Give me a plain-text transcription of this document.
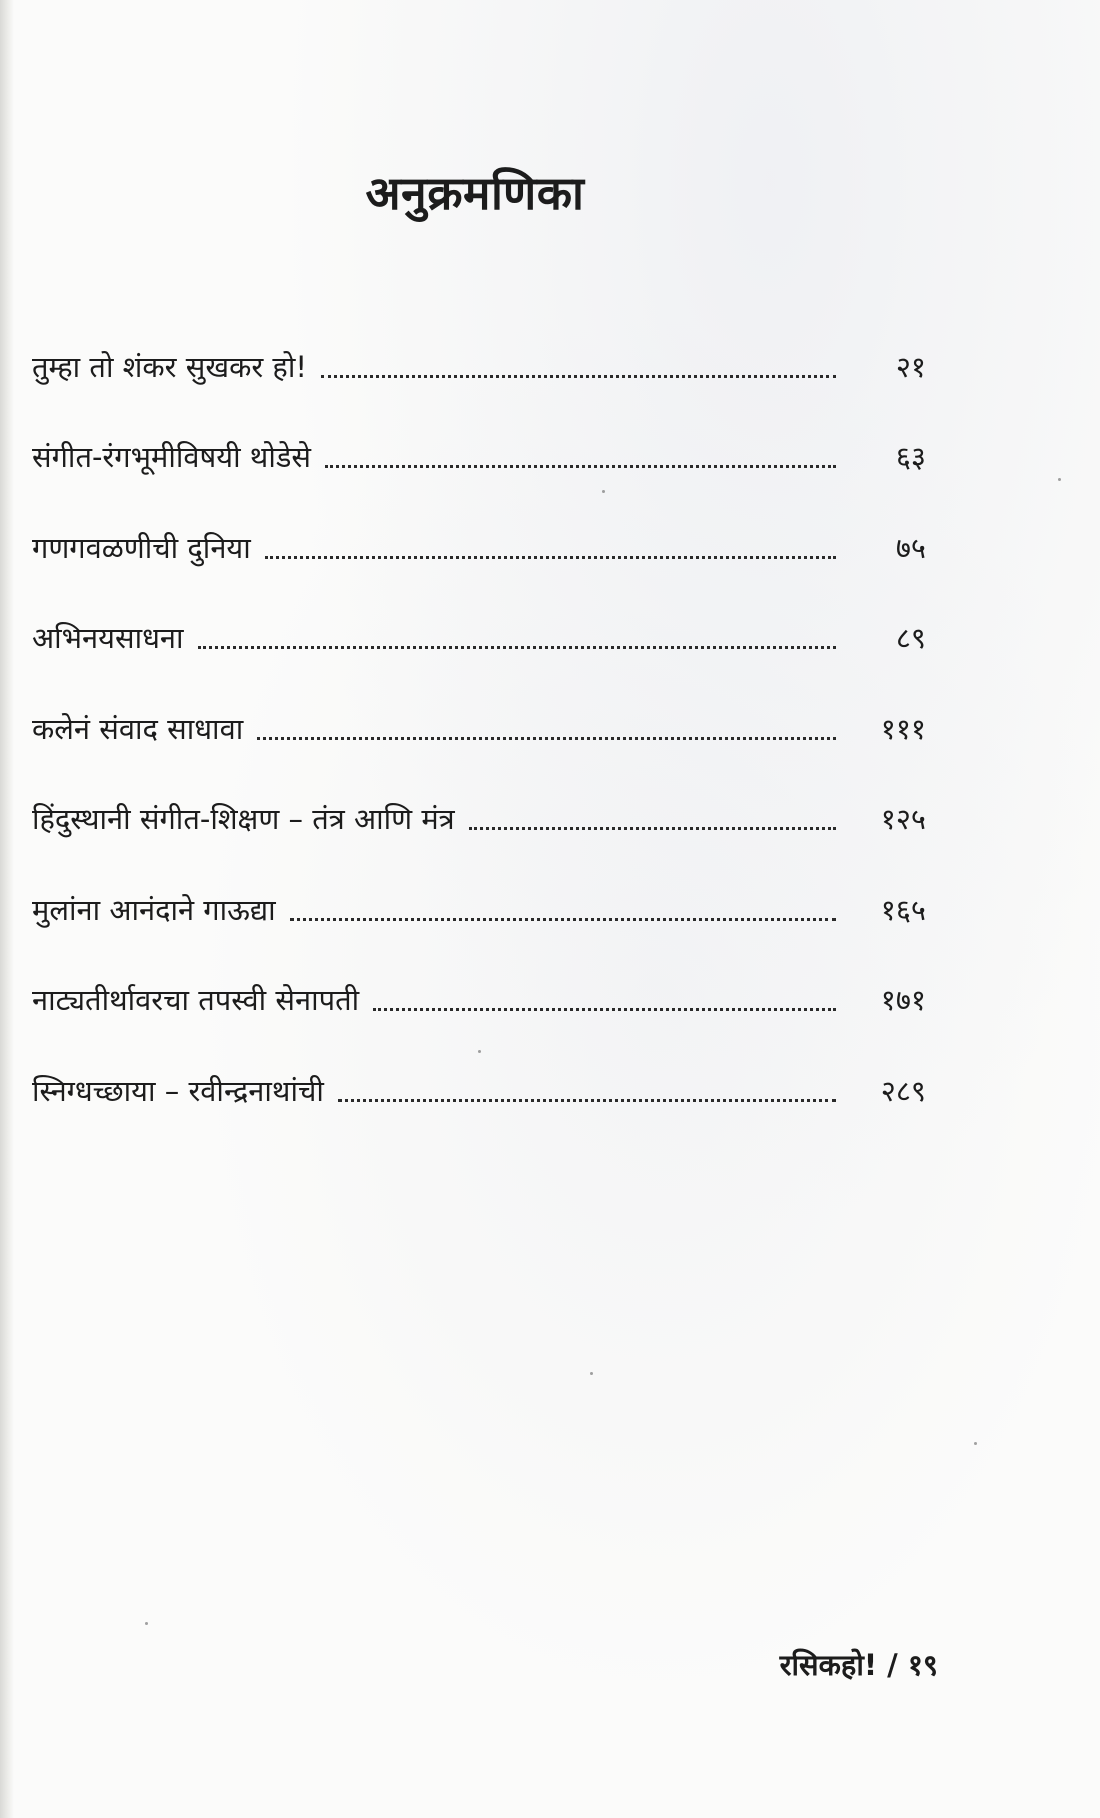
अनुक्रमणिका
तुम्हा तो शंकर सुखकर हो!	२१
संगीत-रंगभूमीविषयी थोडेसे	६३
गणगवळणीची दुनिया	७५
अभिनयसाधना	८९
कलेनं संवाद साधावा	१११
हिंदुस्थानी संगीत-शिक्षण – तंत्र आणि मंत्र	१२५
मुलांना आनंदाने गाऊद्या	१६५
नाट्यतीर्थावरचा तपस्वी सेनापती	१७१
स्निग्धच्छाया – रवीन्द्रनाथांची	२८९
रसिकहो! / १९
